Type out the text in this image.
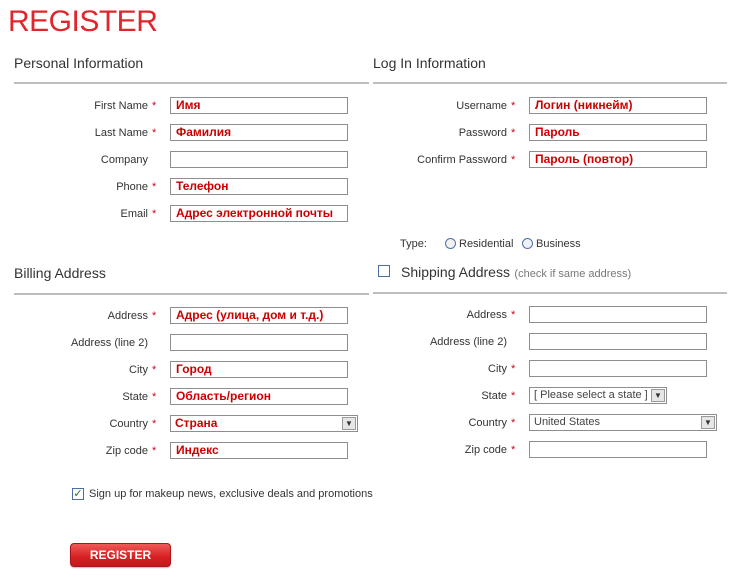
REGISTER
Personal Information
First Name *	Имя
Last Name *	Фамилия
Company
Phone *	Телефон
Email *	Адрес электронной почты
Log In Information
Username *	Логин (никнейм)
Password *	Пароль
Confirm Password *	Пароль (повтор)
Type:	Residential Business
Billing Address
Address *	Адрес (улица, дом и т.д.)
Address (line 2)
City *	Город
State *	Область/регион
Country *	Страна	▼
Zip code *	Индекс
Shipping Address (check if same address)
Address *
Address (line 2)
City *
State *	[ Please select a state ] ▼
Country *	United States	▼
Zip code *
✓ Sign up for makeup news, exclusive deals and promotions
REGISTER
